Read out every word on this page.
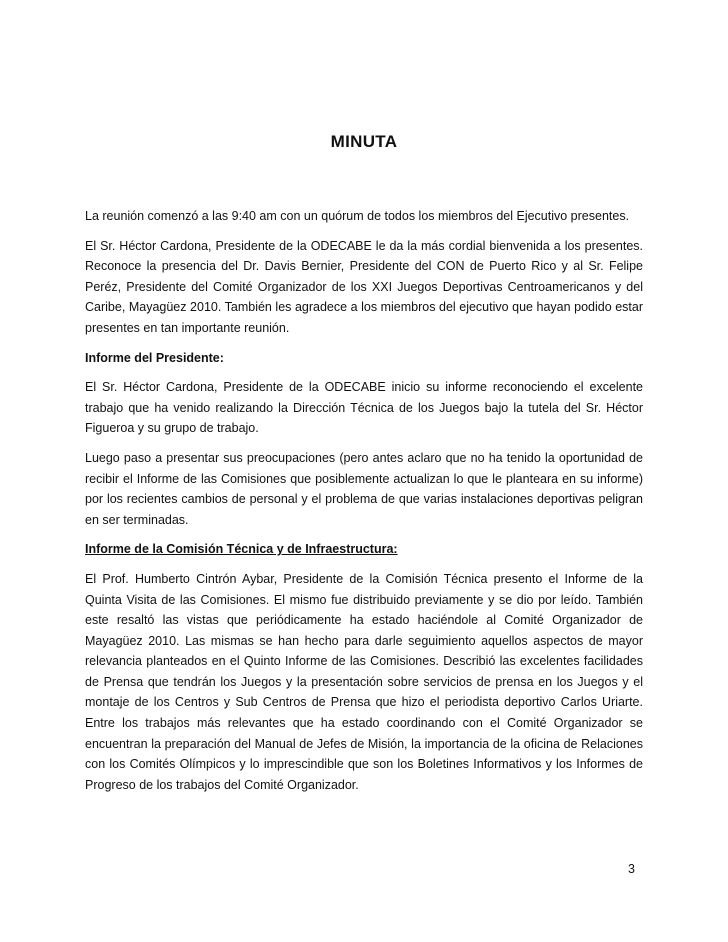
MINUTA

La reunión comenzó a las 9:40 am con un quórum de todos los miembros del Ejecutivo presentes.

El Sr. Héctor Cardona, Presidente de la ODECABE le da la más cordial bienvenida a los presentes. Reconoce la presencia del Dr. Davis Bernier, Presidente del CON de Puerto Rico y al Sr. Felipe Peréz, Presidente del Comité Organizador de los XXI Juegos Deportivas Centroamericanos y del Caribe, Mayagüez 2010. También les agradece a los miembros del ejecutivo que hayan podido estar presentes en tan importante reunión.

Informe del Presidente:

El Sr. Héctor Cardona, Presidente de la ODECABE inicio su informe reconociendo el excelente trabajo que ha venido realizando la Dirección Técnica de los Juegos bajo la tutela del Sr. Héctor Figueroa y su grupo de trabajo.

Luego paso a presentar sus preocupaciones (pero antes aclaro que no ha tenido la oportunidad de recibir el Informe de las Comisiones que posiblemente actualizan lo que le planteara en su informe) por los recientes cambios de personal y el problema de que varias instalaciones deportivas peligran en ser terminadas.

Informe de la Comisión Técnica y de Infraestructura:

El Prof. Humberto Cintrón Aybar, Presidente de la Comisión Técnica presento el Informe de la Quinta Visita de las Comisiones. El mismo fue distribuido previamente y se dio por leído. También este resaltó las vistas que periódicamente ha estado haciéndole al Comité Organizador de Mayagüez 2010. Las mismas se han hecho para darle seguimiento aquellos aspectos de mayor relevancia planteados en el Quinto Informe de las Comisiones. Describió las excelentes facilidades de Prensa que tendrán los Juegos y la presentación sobre servicios de prensa en los Juegos y el montaje de los Centros y Sub Centros de Prensa que hizo el periodista deportivo Carlos Uriarte. Entre los trabajos más relevantes que ha estado coordinando con el Comité Organizador se encuentran la preparación del Manual de Jefes de Misión, la importancia de la oficina de Relaciones con los Comités Olímpicos y lo imprescindible que son los Boletines Informativos y los Informes de Progreso de los trabajos del Comité Organizador.

3
